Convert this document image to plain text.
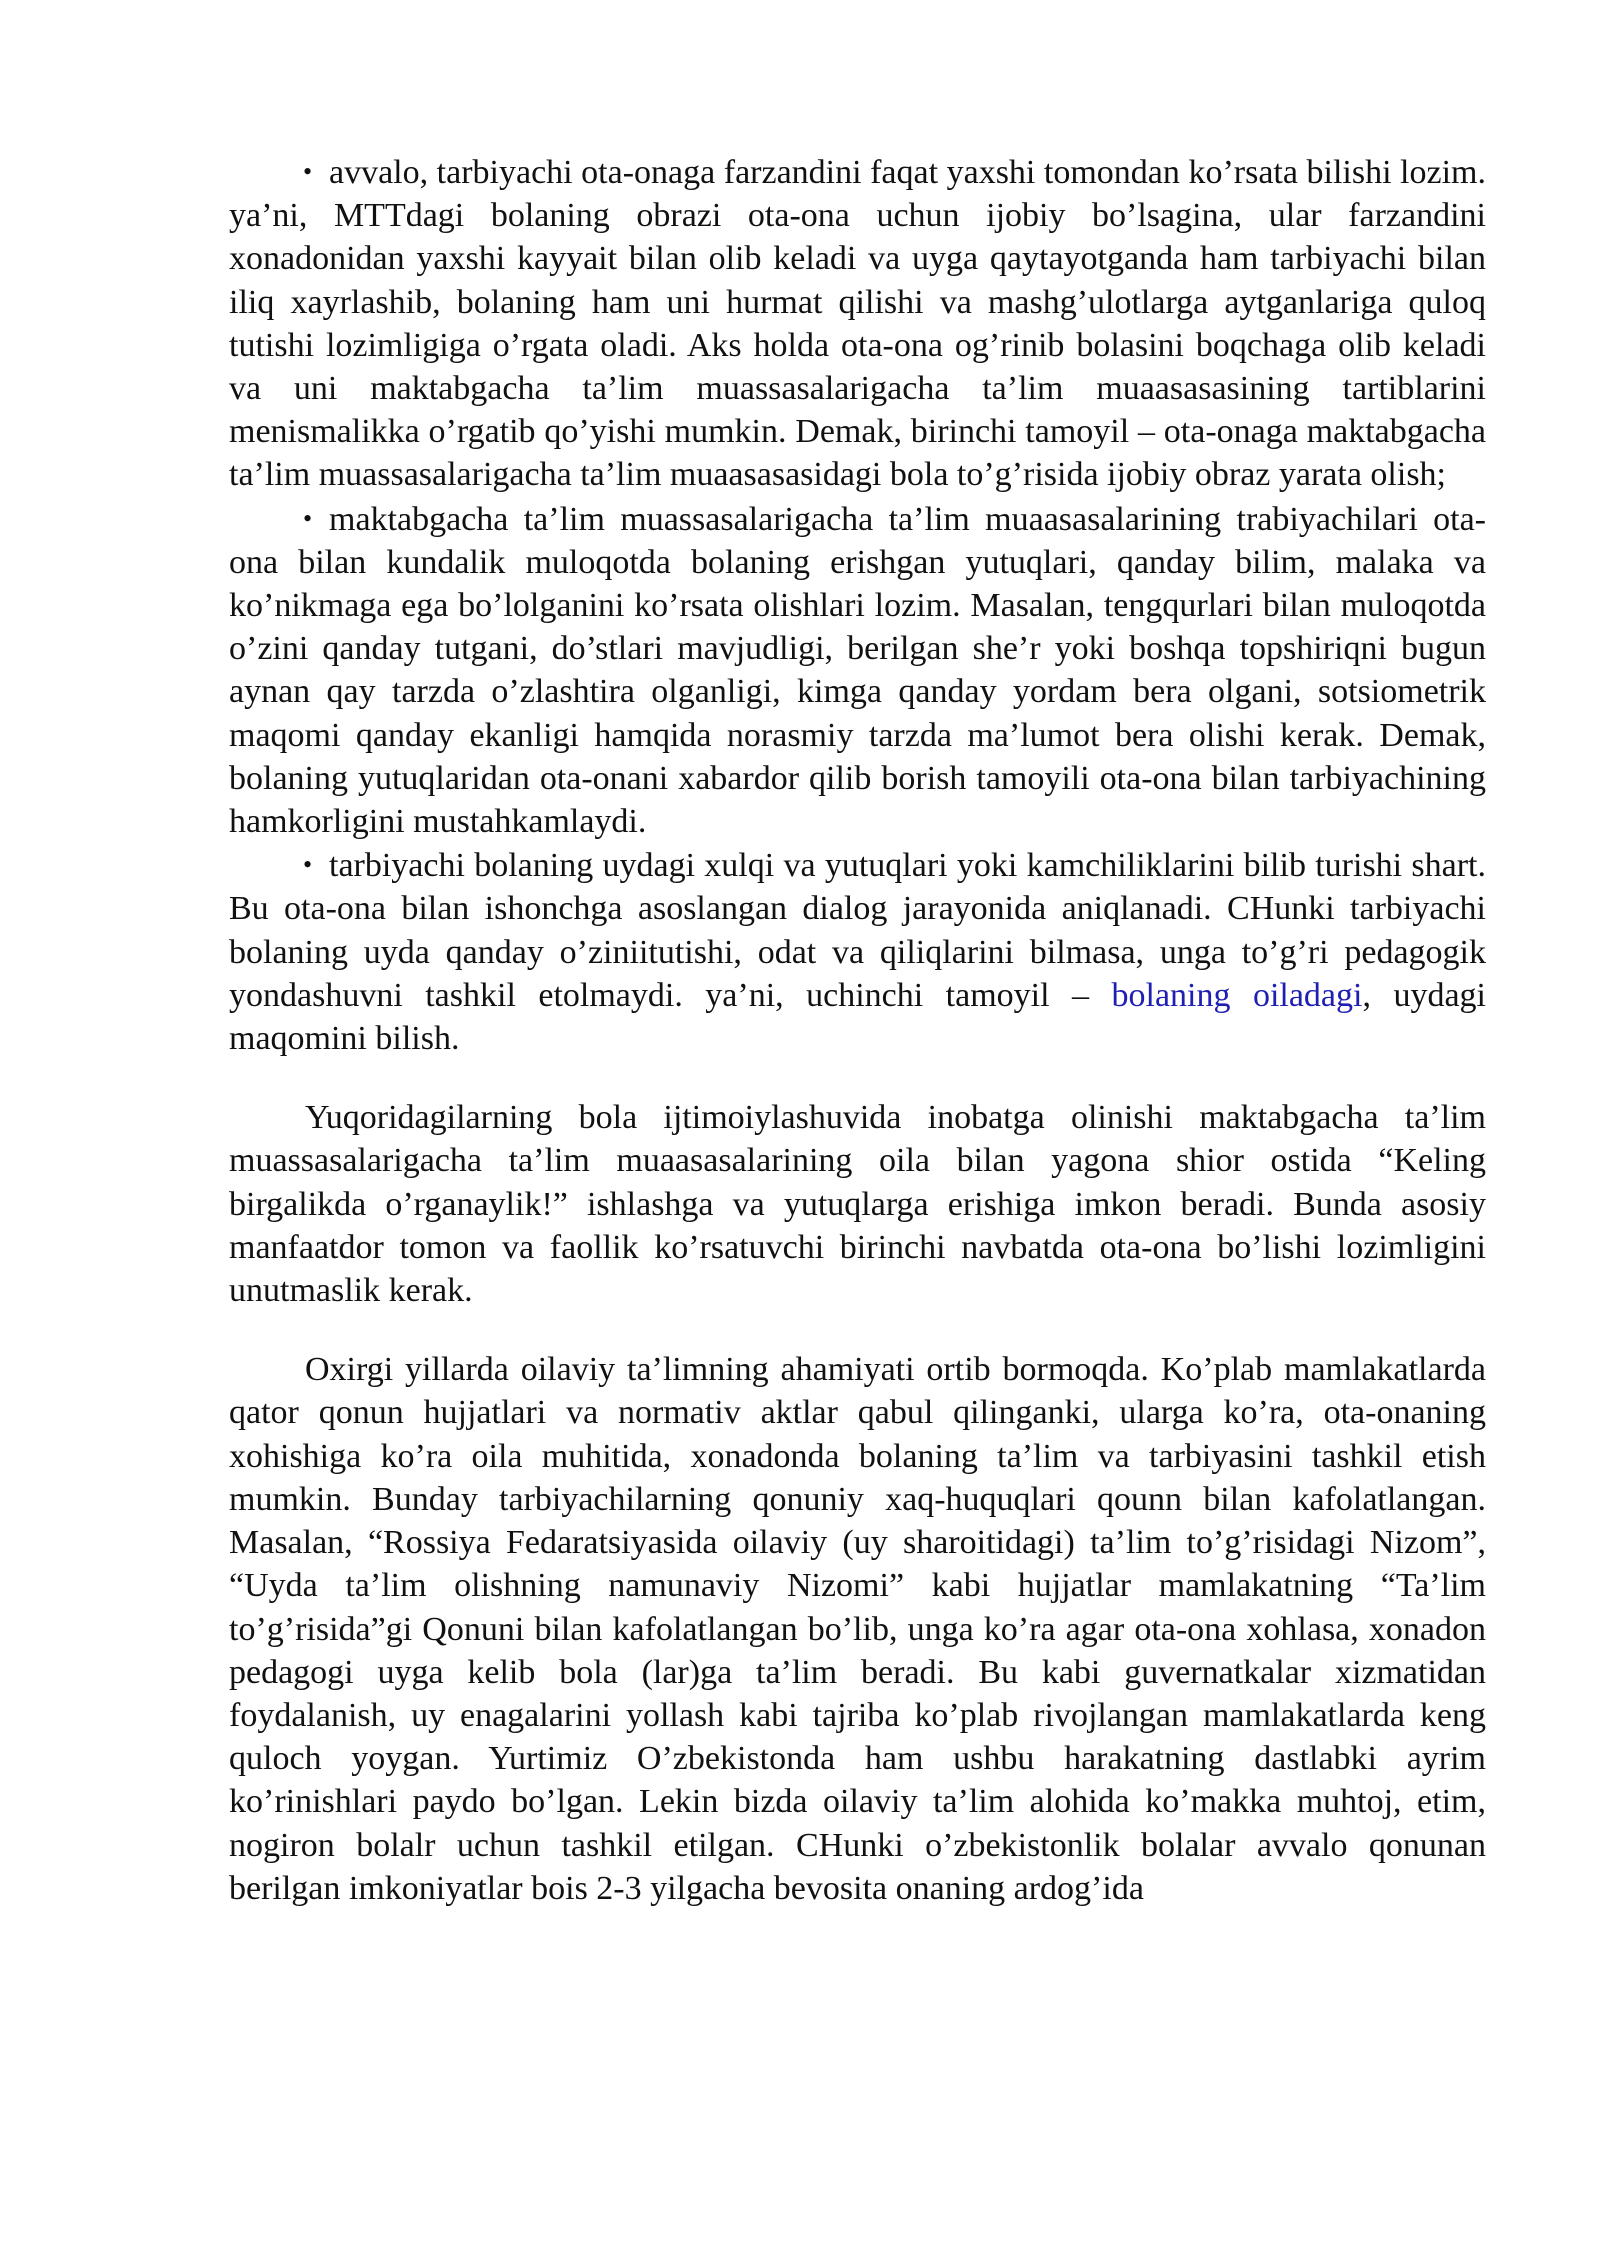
• avvalo, tarbiyachi ota-onaga farzandini faqat yaxshi tomondan ko’rsata bilishi lozim. ya’ni, MTTdagi bolaning obrazi ota-ona uchun ijobiy bo’lsagina, ular farzandini xonadonidan yaxshi kayyait bilan olib keladi va uyga qaytayotganda ham tarbiyachi bilan iliq xayrlashib, bolaning ham uni hurmat qilishi va mashg’ulotlarga aytganlariga quloq tutishi lozimligiga o’rgata oladi. Aks holda ota-ona og’rinib bolasini boqchaga olib keladi va uni maktabgacha ta’lim muassasalarigacha ta’lim muaasasasining tartiblarini menismalikka o’rgatib qo’yishi mumkin. Demak, birinchi tamoyil – ota-onaga maktabgacha ta’lim muassasalarigacha ta’lim muaasasasidagi bola to’g’risida ijobiy obraz yarata olish;

• maktabgacha ta’lim muassasalarigacha ta’lim muaasasalarining trabiyachilari ota-ona bilan kundalik muloqotda bolaning erishgan yutuqlari, qanday bilim, malaka va ko’nikmaga ega bo’lolganini ko’rsata olishlari lozim. Masalan, tengqurlari bilan muloqotda o’zini qanday tutgani, do’stlari mavjudligi, berilgan she’r yoki boshqa topshiriqni bugun aynan qay tarzda o’zlashtira olganligi, kimga qanday yordam bera olgani, sotsiometrik maqomi qanday ekanligi hamqida norasmiy tarzda ma’lumot bera olishi kerak. Demak, bolaning yutuqlaridan ota-onani xabardor qilib borish tamoyili ota-ona bilan tarbiyachining hamkorligini mustahkamlaydi.

• tarbiyachi bolaning uydagi xulqi va yutuqlari yoki kamchiliklarini bilib turishi shart. Bu ota-ona bilan ishonchga asoslangan dialog jarayonida aniqlanadi. CHunki tarbiyachi bolaning uyda qanday o’ziniitutishi, odat va qiliqlarini bilmasa, unga to’g’ri pedagogik yondashuvni tashkil etolmaydi. ya’ni, uchinchi tamoyil – bolaning oiladagi, uydagi maqomini bilish.

Yuqoridagilarning bola ijtimoiylashuvida inobatga olinishi maktabgacha ta’lim muassasalarigacha ta’lim muaasasalarining oila bilan yagona shior ostida “Keling birgalikda o’rganaylik!” ishlashga va yutuqlarga erishiga imkon beradi. Bunda asosiy manfaatdor tomon va faollik ko’rsatuvchi birinchi navbatda ota-ona bo’lishi lozimligini unutmaslik kerak.

Oxirgi yillarda oilaviy ta’limning ahamiyati ortib bormoqda. Ko’plab mamlakatlarda qator qonun hujjatlari va normativ aktlar qabul qilinganki, ularga ko’ra, ota-onaning xohishiga ko’ra oila muhitida, xonadonda bolaning ta’lim va tarbiyasini tashkil etish mumkin. Bunday tarbiyachilarning qonuniy xaq-huquqlari qounn bilan kafolatlangan. Masalan, “Rossiya Fedaratsiyasida oilaviy (uy sharoitidagi) ta’lim to’g’risidagi Nizom”, “Uyda ta’lim olishning namunaviy Nizomi” kabi hujjatlar mamlakatning “Ta’lim to’g’risida”gi Qonuni bilan kafolatlangan bo’lib, unga ko’ra agar ota-ona xohlasa, xonadon pedagogi uyga kelib bola (lar)ga ta’lim beradi. Bu kabi guvernatkalar xizmatidan foydalanish, uy enagalarini yollash kabi tajriba ko’plab rivojlangan mamlakatlarda keng quloch yoygan. Yurtimiz O’zbekistonda ham ushbu harakatning dastlabki ayrim ko’rinishlari paydo bo’lgan. Lekin bizda oilaviy ta’lim alohida ko’makka muhtoj, etim, nogiron bolalr uchun tashkil etilgan. CHunki o’zbekistonlik bolalar avvalo qonunan berilgan imkoniyatlar bois 2-3 yilgacha bevosita onaning ardog’ida
